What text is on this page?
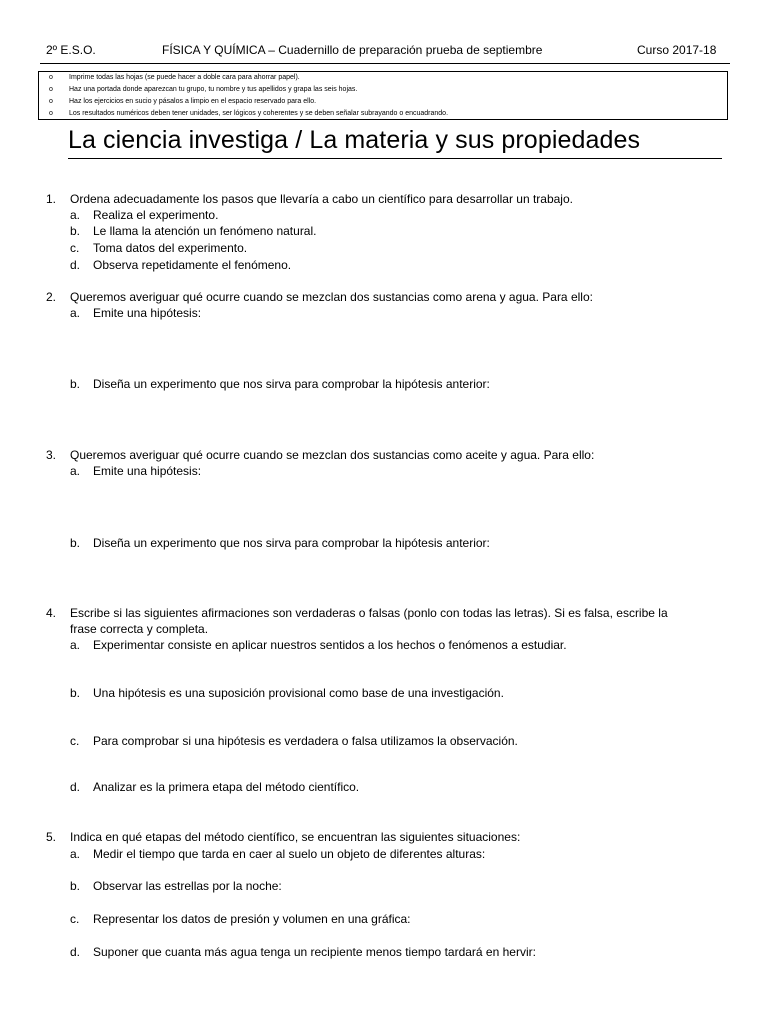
2º E.S.O.	FÍSICA Y QUÍMICA – Cuadernillo de preparación prueba de septiembre	Curso 2017-18
o Imprime todas las hojas (se puede hacer a doble cara para ahorrar papel).
o Haz una portada donde aparezcan tu grupo, tu nombre y tus apellidos y grapa las seis hojas.
o Haz los ejercicios en sucio y pásalos a limpio en el espacio reservado para ello.
o Los resultados numéricos deben tener unidades, ser lógicos y coherentes y se deben señalar subrayando o encuadrando.
La ciencia investiga / La materia y sus propiedades
1. Ordena adecuadamente los pasos que llevaría a cabo un científico para desarrollar un trabajo.
a. Realiza el experimento.
b. Le llama la atención un fenómeno natural.
c. Toma datos del experimento.
d. Observa repetidamente el fenómeno.
2. Queremos averiguar qué ocurre cuando se mezclan dos sustancias como arena y agua. Para ello:
a. Emite una hipótesis:
b. Diseña un experimento que nos sirva para comprobar la hipótesis anterior:
3. Queremos averiguar qué ocurre cuando se mezclan dos sustancias como aceite y agua. Para ello:
a. Emite una hipótesis:
b. Diseña un experimento que nos sirva para comprobar la hipótesis anterior:
4. Escribe si las siguientes afirmaciones son verdaderas o falsas (ponlo con todas las letras). Si es falsa, escribe la
frase correcta y completa.
a. Experimentar consiste en aplicar nuestros sentidos a los hechos o fenómenos a estudiar.
b. Una hipótesis es una suposición provisional como base de una investigación.
c. Para comprobar si una hipótesis es verdadera o falsa utilizamos la observación.
d. Analizar es la primera etapa del método científico.
5. Indica en qué etapas del método científico, se encuentran las siguientes situaciones:
a. Medir el tiempo que tarda en caer al suelo un objeto de diferentes alturas:
b. Observar las estrellas por la noche:
c. Representar los datos de presión y volumen en una gráfica:
d. Suponer que cuanta más agua tenga un recipiente menos tiempo tardará en hervir:
